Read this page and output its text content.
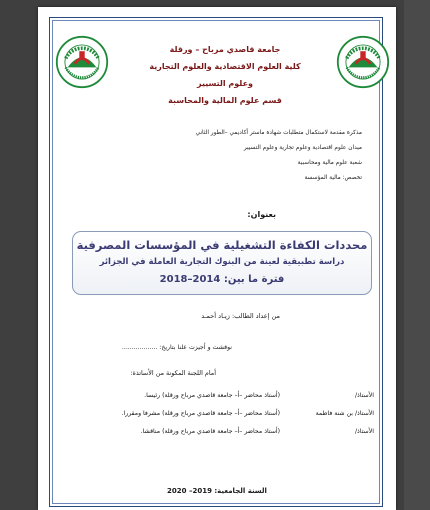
جامعة قاصدي مرباح – ورقلة
كلية العلوم الاقتصادية والعلوم التجارية
وعلوم التسيير
قسم علوم المالية والمحاسبة
مذكرة مقدمة لاستكمال متطلبات شهادة ماستر أكاديمي –الطور الثاني
ميدان علوم اقتصادية وعلوم تجارية وعلوم التسيير
شعبة علوم مالية ومحاسبية
تخصص: مالية المؤسسة
بعنوان:
محددات الكفاءة التشغيلية في المؤسسات المصرفية
دراسة تطبيقية لعينة من البنوك التجارية العاملة في الجزائر
فترة ما بين: 2014–2018
من إعداد الطالب: زيـاد أحمـد
نوقشت و أجيزت علنا بتاريخ: ..................
أمام اللجنة المكونة من الأساتذة:
الأستاذ/ (أستاذ محاضر –أ– جامعة قاصدي مرباح ورقلة) رئيسا.
الأستاذ/ بن شنة فاطمة (أستاذ محاضر –أ– جامعة قاصدي مرباح ورقلة) مشرفا ومقررا.
الأستاذ/ (أستاذ محاضر –أ– جامعة قاصدي مرباح ورقلة) مناقشا.
السنة الجامعية: 2019– 2020
